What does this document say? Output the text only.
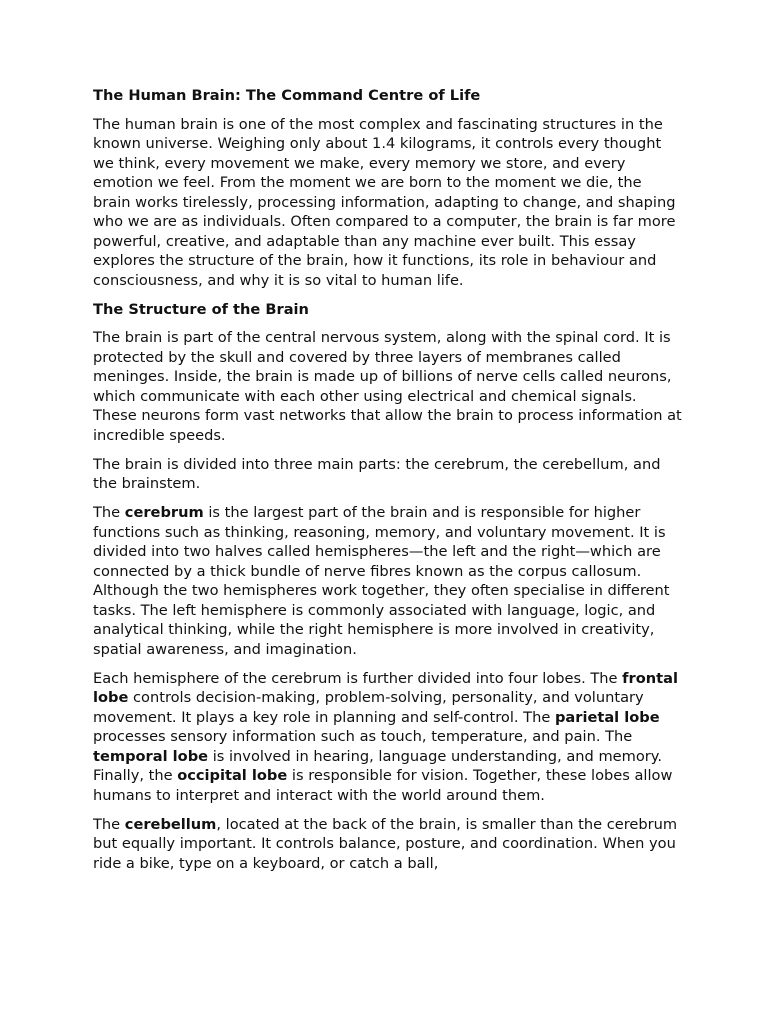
The Human Brain: The Command Centre of Life

The human brain is one of the most complex and fascinating structures in the known universe. Weighing only about 1.4 kilograms, it controls every thought we think, every movement we make, every memory we store, and every emotion we feel. From the moment we are born to the moment we die, the brain works tirelessly, processing information, adapting to change, and shaping who we are as individuals. Often compared to a computer, the brain is far more powerful, creative, and adaptable than any machine ever built. This essay explores the structure of the brain, how it functions, its role in behaviour and consciousness, and why it is so vital to human life.

The Structure of the Brain

The brain is part of the central nervous system, along with the spinal cord. It is protected by the skull and covered by three layers of membranes called meninges. Inside, the brain is made up of billions of nerve cells called neurons, which communicate with each other using electrical and chemical signals. These neurons form vast networks that allow the brain to process information at incredible speeds.

The brain is divided into three main parts: the cerebrum, the cerebellum, and the brainstem.

The cerebrum is the largest part of the brain and is responsible for higher functions such as thinking, reasoning, memory, and voluntary movement. It is divided into two halves called hemispheres—the left and the right—which are connected by a thick bundle of nerve fibres known as the corpus callosum. Although the two hemispheres work together, they often specialise in different tasks. The left hemisphere is commonly associated with language, logic, and analytical thinking, while the right hemisphere is more involved in creativity, spatial awareness, and imagination.

Each hemisphere of the cerebrum is further divided into four lobes. The frontal lobe controls decision-making, problem-solving, personality, and voluntary movement. It plays a key role in planning and self-control. The parietal lobe processes sensory information such as touch, temperature, and pain. The temporal lobe is involved in hearing, language understanding, and memory. Finally, the occipital lobe is responsible for vision. Together, these lobes allow humans to interpret and interact with the world around them.

The cerebellum, located at the back of the brain, is smaller than the cerebrum but equally important. It controls balance, posture, and coordination. When you ride a bike, type on a keyboard, or catch a ball,
